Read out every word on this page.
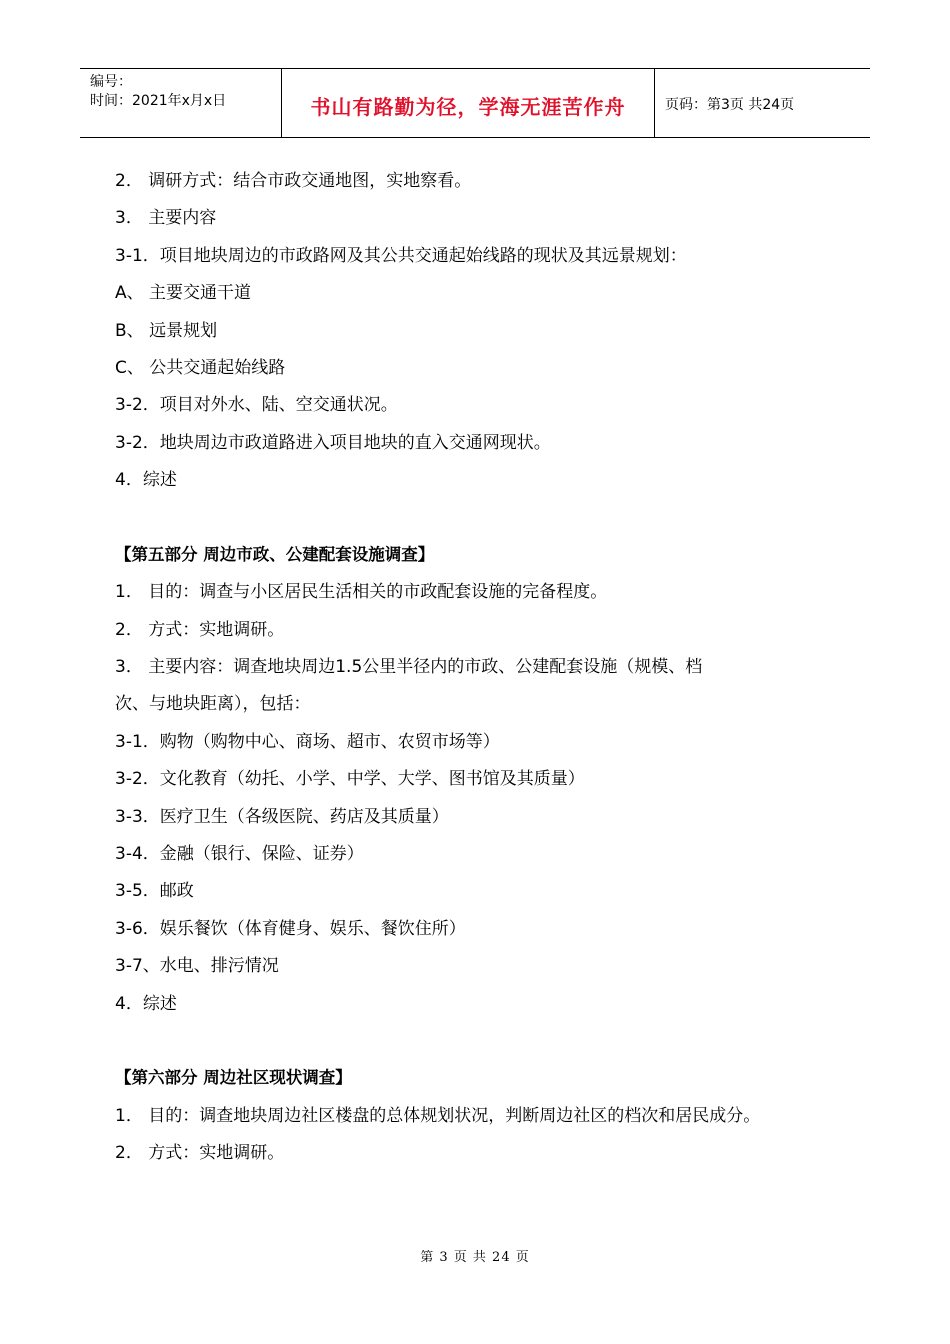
编号：
时间：2021年x月x日	书山有路勤为径，学海无涯苦作舟	页码：第3页 共24页
2． 调研方式：结合市政交通地图，实地察看。
3． 主要内容
3-1．项目地块周边的市政路网及其公共交通起始线路的现状及其远景规划：
A、 主要交通干道
B、 远景规划
C、 公共交通起始线路
3-2．项目对外水、陆、空交通状况。
3-2．地块周边市政道路进入项目地块的直入交通网现状。
4．综述
【第五部分 周边市政、公建配套设施调查】
1． 目的：调查与小区居民生活相关的市政配套设施的完备程度。
2． 方式：实地调研。
3． 主要内容：调查地块周边1.5公里半径内的市政、公建配套设施（规模、档
次、与地块距离），包括：
3-1．购物（购物中心、商场、超市、农贸市场等）
3-2．文化教育（幼托、小学、中学、大学、图书馆及其质量）
3-3．医疗卫生（各级医院、药店及其质量）
3-4．金融（银行、保险、证券）
3-5．邮政
3-6．娱乐餐饮（体育健身、娱乐、餐饮住所）
3-7、水电、排污情况
4．综述
【第六部分 周边社区现状调查】
1． 目的：调查地块周边社区楼盘的总体规划状况，判断周边社区的档次和居民成分。
2． 方式：实地调研。
第 3 页 共 24 页
